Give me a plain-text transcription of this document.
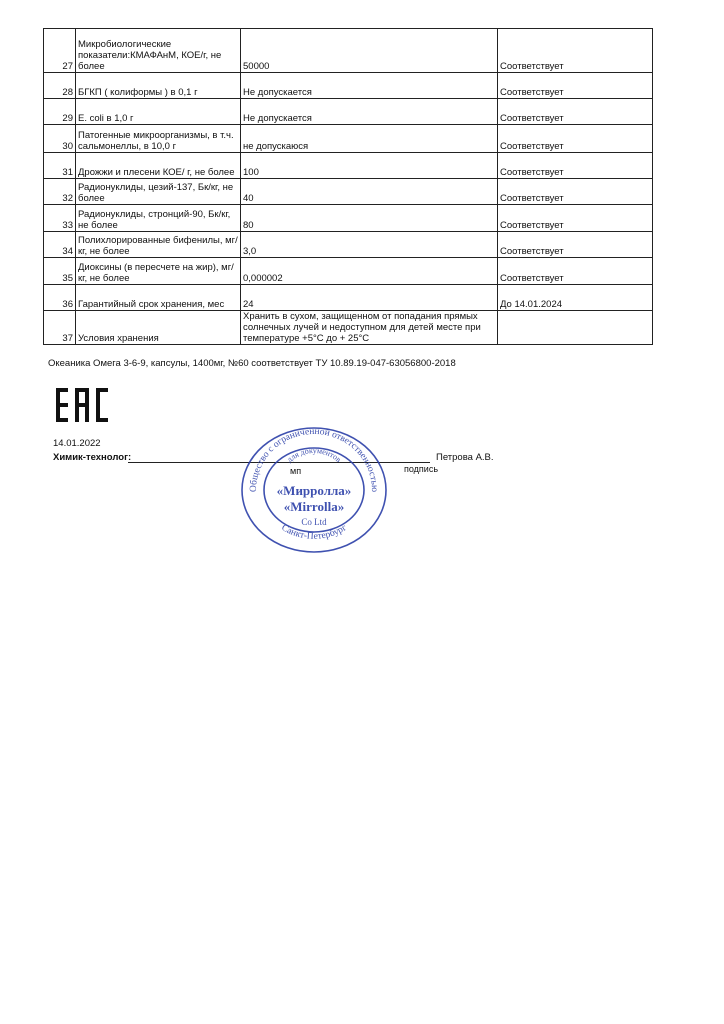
27	Микробиологические показатели:КМАФАнМ, КОЕ/г, не более	50000	Соответствует
28	БГКП ( колиформы ) в 0,1 г	Не допускается	Соответствует
29	E. coli в 1,0 г	Не допускается	Соответствует
30	Патогенные микроорганизмы, в т.ч. сальмонеллы, в 10,0 г	не допускаюся	Соответствует
31	Дрожжи и плесени КОЕ/ г, не более	100	Соответствует
32	Радионуклиды, цезий-137, Бк/кг, не более	40	Соответствует
33	Радионуклиды, стронций-90, Бк/кг, не более	80	Соответствует
34	Полихлорированные бифенилы, мг/кг, не более	3,0	Соответствует
35	Диоксины (в пересчете на жир), мг/кг, не более	0,000002	Соответствует
36	Гарантийный срок хранения, мес	24	До 14.01.2024
37	Условия хранения	Хранить в сухом, защищенном от попадания прямых солнечных лучей и недоступном для детей месте при температуре +5°С до + 25°С	
Океаника Омега 3-6-9, капсулы, 1400мг, №60 соответствует ТУ 10.89.19-047-63056800-2018
14.01.2022
Химик-технолог:	Петрова А.В.
мп	подпись
Общество с ограниченной ответственностью
для документов
Санкт-Петербург
«Мирролла»
«Mirrolla»
Co Ltd
